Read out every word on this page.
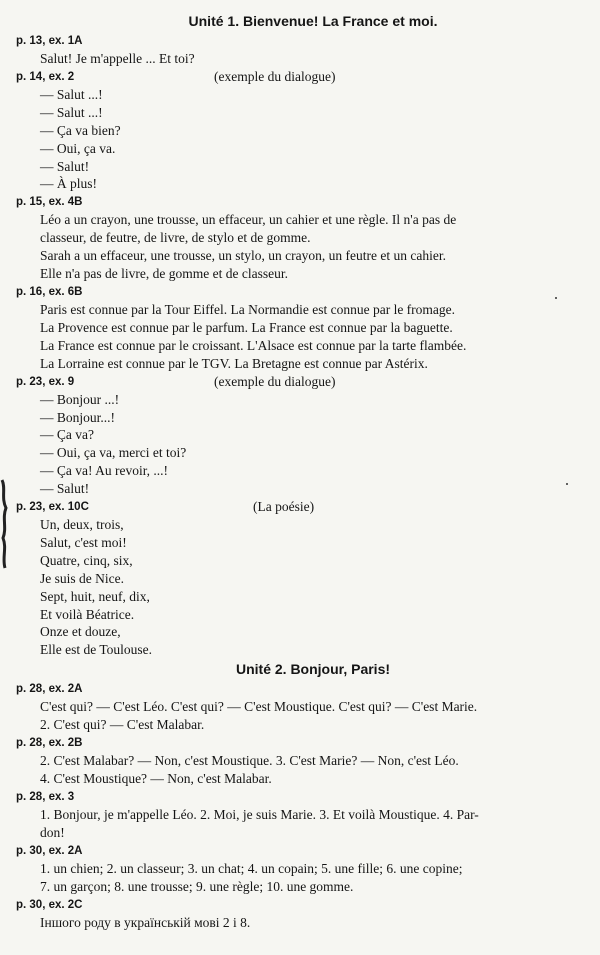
Unité 1. Bienvenue! La France et moi.
p. 13, ex. 1A
Salut! Je m'appelle ... Et toi?
p. 14, ex. 2	(exemple du dialogue)
— Salut ...!
— Salut ...!
— Ça va bien?
— Oui, ça va.
— Salut!
— À plus!
p. 15, ex. 4B
Léo a un crayon, une trousse, un effaceur, un cahier et une règle. Il n'a pas de
classeur, de feutre, de livre, de stylo et de gomme.
Sarah a un effaceur, une trousse, un stylo, un crayon, un feutre et un cahier.
Elle n'a pas de livre, de gomme et de classeur.
p. 16, ex. 6B
Paris est connue par la Tour Eiffel. La Normandie est connue par le fromage.
La Provence est connue par le parfum. La France est connue par la baguette.
La France est connue par le croissant. L'Alsace est connue par la tarte flambée.
La Lorraine est connue par le TGV. La Bretagne est connue par Astérix.
p. 23, ex. 9	(exemple du dialogue)
— Bonjour ...!
— Bonjour...!
— Ça va?
— Oui, ça va, merci et toi?
— Ça va! Au revoir, ...!
— Salut!
p. 23, ex. 10C	(La poésie)
Un, deux, trois,
Salut, c'est moi!
Quatre, cinq, six,
Je suis de Nice.
Sept, huit, neuf, dix,
Et voilà Béatrice.
Onze et douze,
Elle est de Toulouse.
Unité 2. Bonjour, Paris!
p. 28, ex. 2A
C'est qui? — C'est Léo. C'est qui? — C'est Moustique. C'est qui? — C'est Marie.
2. C'est qui? — C'est Malabar.
p. 28, ex. 2B
2. C'est Malabar? — Non, c'est Moustique. 3. C'est Marie? — Non, c'est Léo.
4. C'est Moustique? — Non, c'est Malabar.
p. 28, ex. 3
1. Bonjour, je m'appelle Léo. 2. Moi, je suis Marie. 3. Et voilà Moustique. 4. Par-
don!
p. 30, ex. 2A
1. un chien; 2. un classeur; 3. un chat; 4. un copain; 5. une fille; 6. une copine;
7. un garçon; 8. une trousse; 9. une règle; 10. une gomme.
p. 30, ex. 2C
Іншого роду в українській мові 2 і 8.
